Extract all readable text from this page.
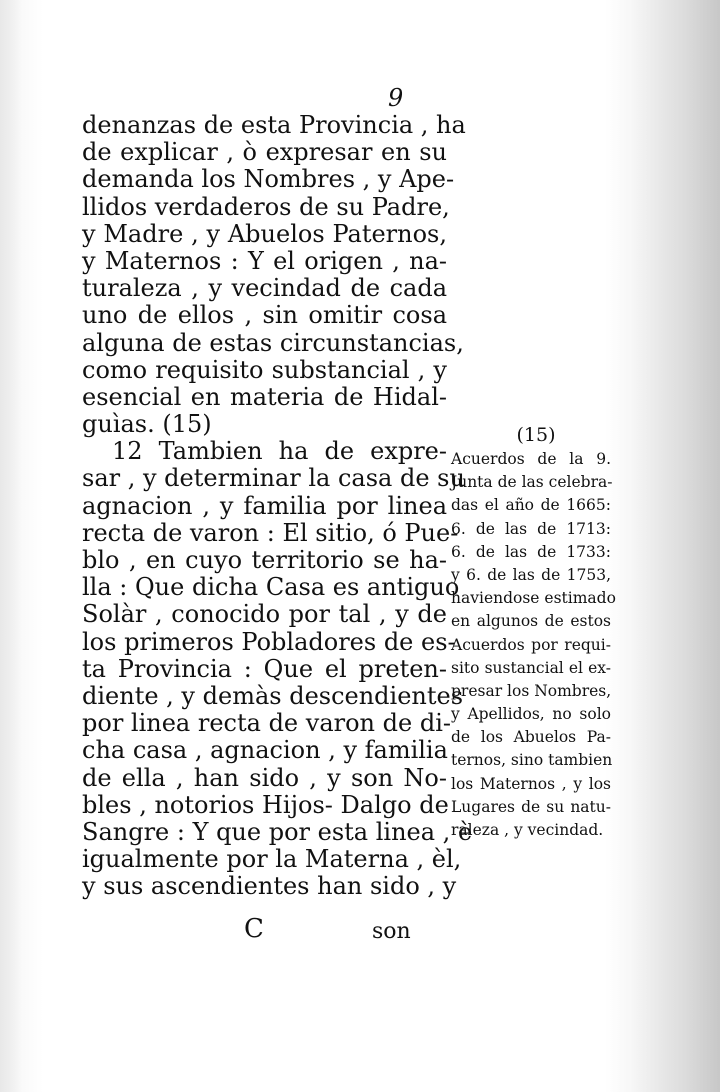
9
denanzas de esta Provincia , ha
de explicar , ò expresar en su
demanda los Nombres , y Ape-
llidos verdaderos de su Padre,
y Madre , y Abuelos Paternos,
y Maternos : Y el origen , na-
turaleza , y vecindad de cada
uno de ellos , sin omitir cosa
alguna de estas circunstancias,
como requisito substancial , y
esencial en materia de Hidal-
guìas. (15)
12 Tambien ha de expre-
sar , y determinar la casa de su
agnacion , y familia por linea
recta de varon : El sitio, ó Pue-
blo , en cuyo territorio se ha-
lla : Que dicha Casa es antiguo
Solàr , conocido por tal , y de
los primeros Pobladores de es-
ta Provincia : Que el preten-
diente , y demàs descendientes
por linea recta de varon de di-
cha casa , agnacion , y familia
de ella , han sido , y son No-
bles , notorios Hijos- Dalgo de
Sangre : Y que por esta linea , è
igualmente por la Materna , èl,
y sus ascendientes han sido , y
(15)
Acuerdos de la 9.
Junta de las celebra-
das el año de 1665:
6. de las de 1713:
6. de las de 1733:
y 6. de las de 1753,
haviendose estimado
en algunos de estos
Acuerdos por requi-
sito sustancial el ex-
presar los Nombres,
y Apellidos, no solo
de los Abuelos Pa-
ternos, sino tambien
los Maternos , y los
Lugares de su natu-
raleza , y vecindad.
C	son
